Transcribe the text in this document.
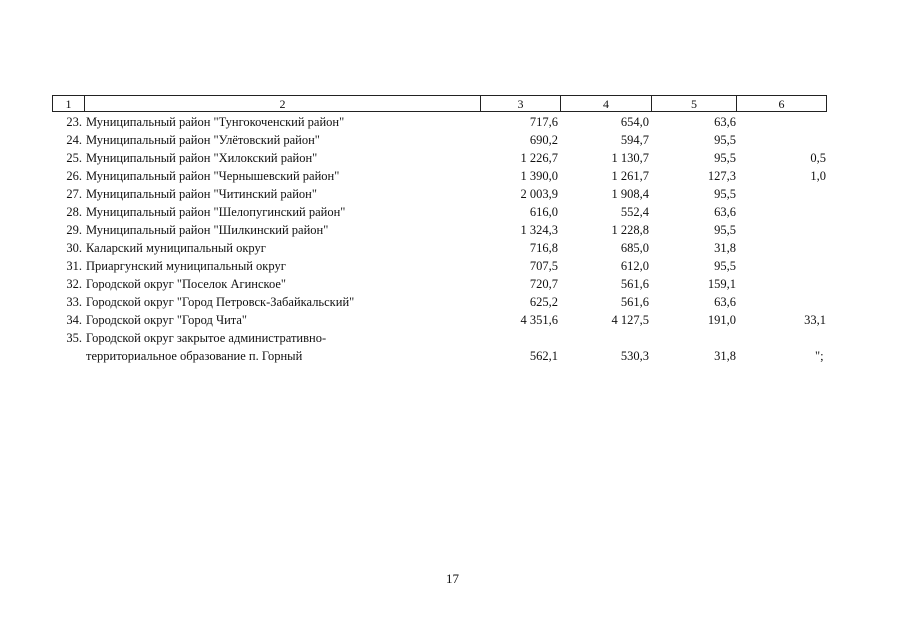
1	2	3	4	5	6
23. Муниципальный район "Тунгокоченский район"	717,6	654,0	63,6
24. Муниципальный район "Улётовский район"	690,2	594,7	95,5
25. Муниципальный район "Хилокский район"	1 226,7	1 130,7	95,5	0,5
26. Муниципальный район "Чернышевский район"	1 390,0	1 261,7	127,3	1,0
27. Муниципальный район "Читинский район"	2 003,9	1 908,4	95,5
28. Муниципальный район "Шелопугинский район"	616,0	552,4	63,6
29. Муниципальный район "Шилкинский район"	1 324,3	1 228,8	95,5
30. Каларский муниципальный округ	716,8	685,0	31,8
31. Приаргунский муниципальный округ	707,5	612,0	95,5
32. Городской округ "Поселок Агинское"	720,7	561,6	159,1
33. Городской округ "Город Петровск-Забайкальский"	625,2	561,6	63,6
34. Городской округ "Город Чита"	4 351,6	4 127,5	191,0	33,1
35. Городской округ закрытое административно-
территориальное образование п. Горный	562,1	530,3	31,8	";
17
